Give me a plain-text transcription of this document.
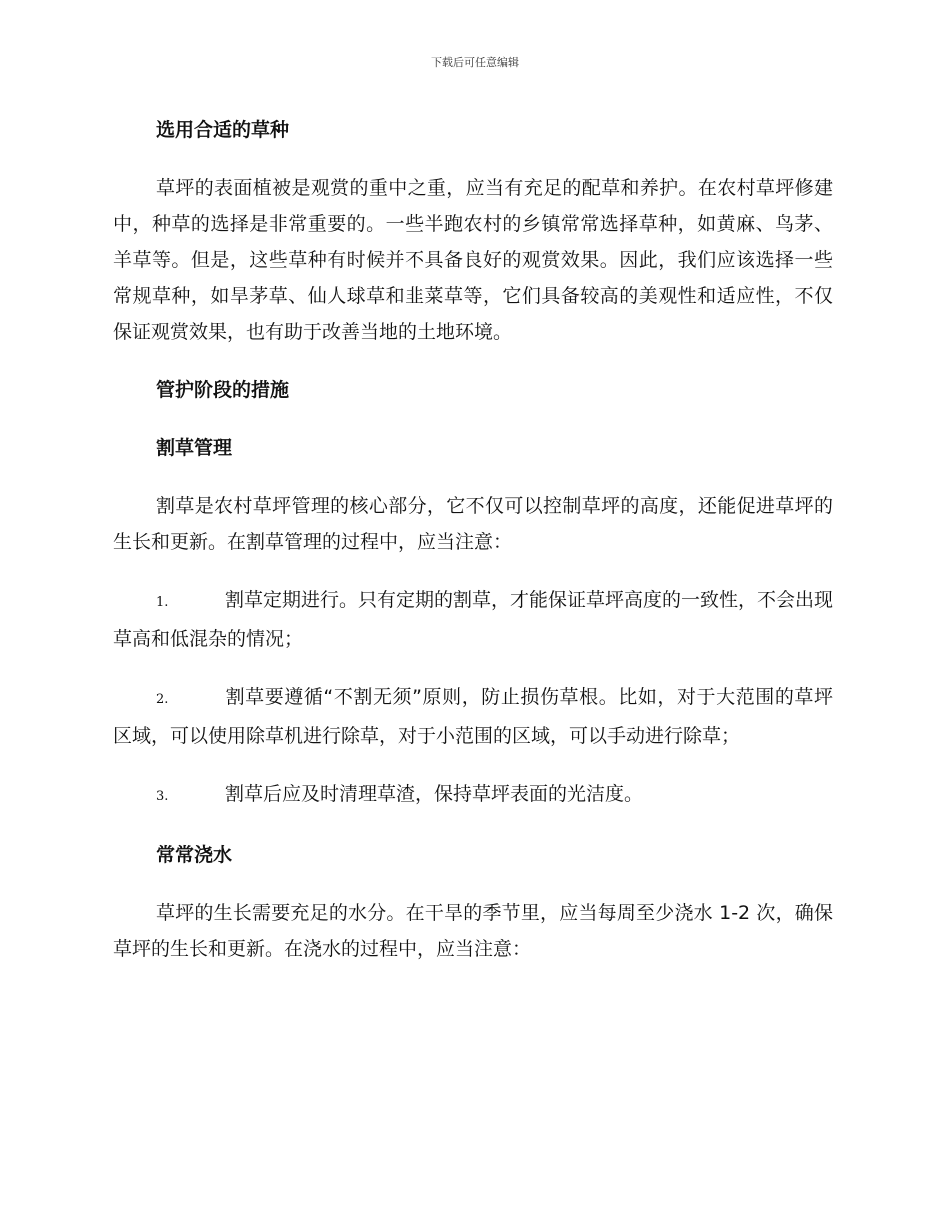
下载后可任意编辑

选用合适的草种

草坪的表面植被是观赏的重中之重，应当有充足的配草和养护。在农村草坪修建中，种草的选择是非常重要的。一些半跑农村的乡镇常常选择草种，如黄麻、鸟茅、羊草等。但是，这些草种有时候并不具备良好的观赏效果。因此，我们应该选择一些常规草种，如旱茅草、仙人球草和韭菜草等，它们具备较高的美观性和适应性，不仅保证观赏效果，也有助于改善当地的土地环境。

管护阶段的措施

割草管理

割草是农村草坪管理的核心部分，它不仅可以控制草坪的高度，还能促进草坪的生长和更新。在割草管理的过程中，应当注意：

1.	割草定期进行。只有定期的割草，才能保证草坪高度的一致性，不会出现草高和低混杂的情况；

2.	割草要遵循“不割无须”原则，防止损伤草根。比如，对于大范围的草坪区域，可以使用除草机进行除草，对于小范围的区域，可以手动进行除草；

3.	割草后应及时清理草渣，保持草坪表面的光洁度。

常常浇水

草坪的生长需要充足的水分。在干旱的季节里，应当每周至少浇水 1-2 次，确保草坪的生长和更新。在浇水的过程中，应当注意：
